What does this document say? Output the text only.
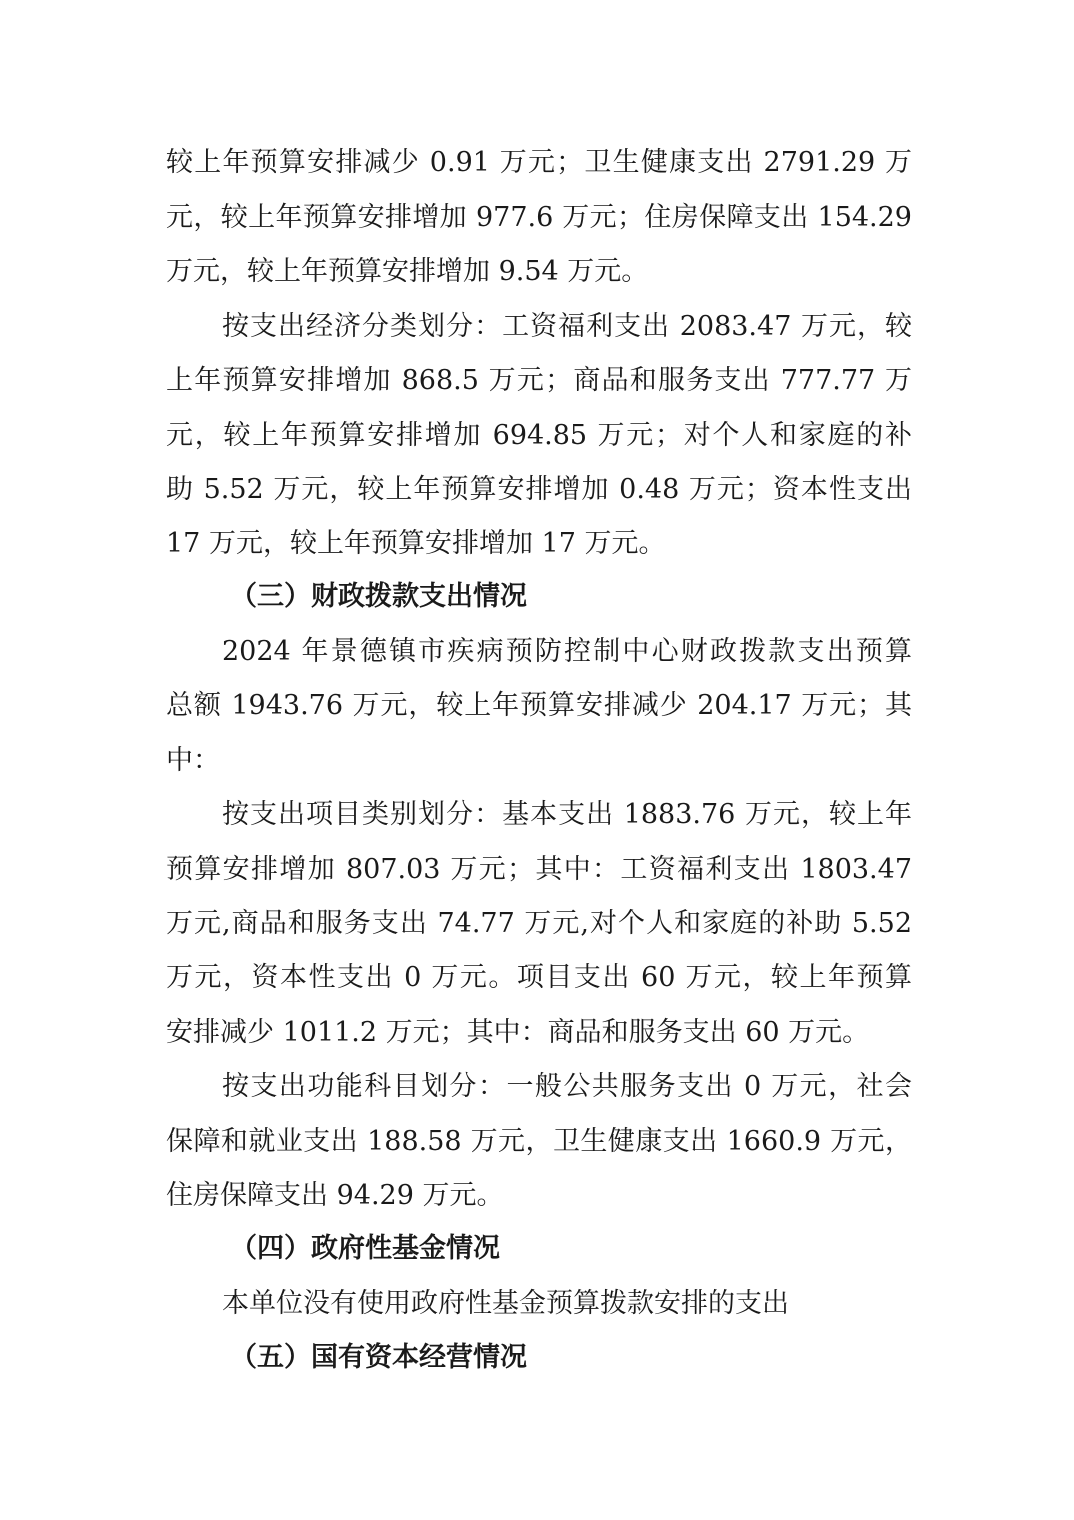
较上年预算安排减少 0.91 万元；卫生健康支出 2791.29 万
元，较上年预算安排增加 977.6 万元；住房保障支出 154.29
万元，较上年预算安排增加 9.54 万元。
按支出经济分类划分：工资福利支出 2083.47 万元，较
上年预算安排增加 868.5 万元；商品和服务支出 777.77 万
元，较上年预算安排增加 694.85 万元；对个人和家庭的补
助 5.52 万元，较上年预算安排增加 0.48 万元；资本性支出
17 万元，较上年预算安排增加 17 万元。
（三）财政拨款支出情况
2024 年景德镇市疾病预防控制中心财政拨款支出预算
总额 1943.76 万元，较上年预算安排减少 204.17 万元；其
中：
按支出项目类别划分：基本支出 1883.76 万元，较上年
预算安排增加 807.03 万元；其中：工资福利支出 1803.47
万元,商品和服务支出 74.77 万元,对个人和家庭的补助 5.52
万元，资本性支出 0 万元。项目支出 60 万元，较上年预算
安排减少 1011.2 万元；其中：商品和服务支出 60 万元。
按支出功能科目划分：一般公共服务支出 0 万元，社会
保障和就业支出 188.58 万元，卫生健康支出 1660.9 万元，
住房保障支出 94.29 万元。
（四）政府性基金情况
本单位没有使用政府性基金预算拨款安排的支出
（五）国有资本经营情况
